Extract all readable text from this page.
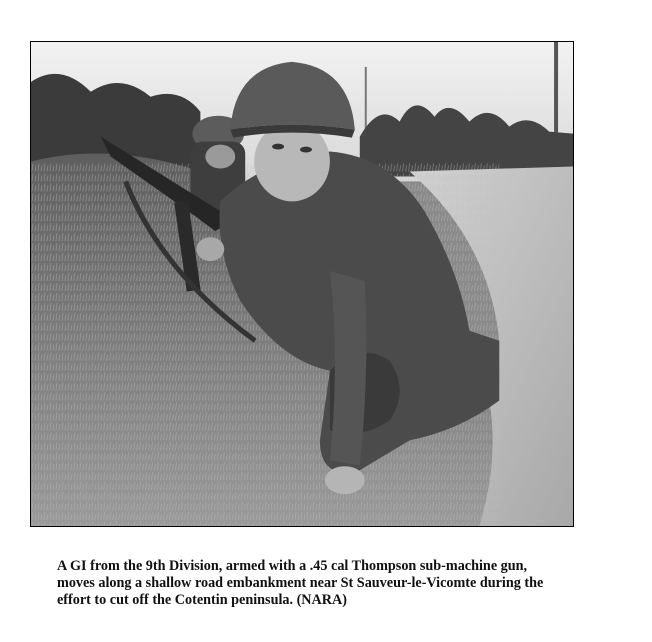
A GI from the 9th Division, armed with a .45 cal Thompson sub-machine gun, moves along a shallow road embankment near St Sauveur-le-Vicomte during the effort to cut off the Cotentin peninsula. (NARA)
